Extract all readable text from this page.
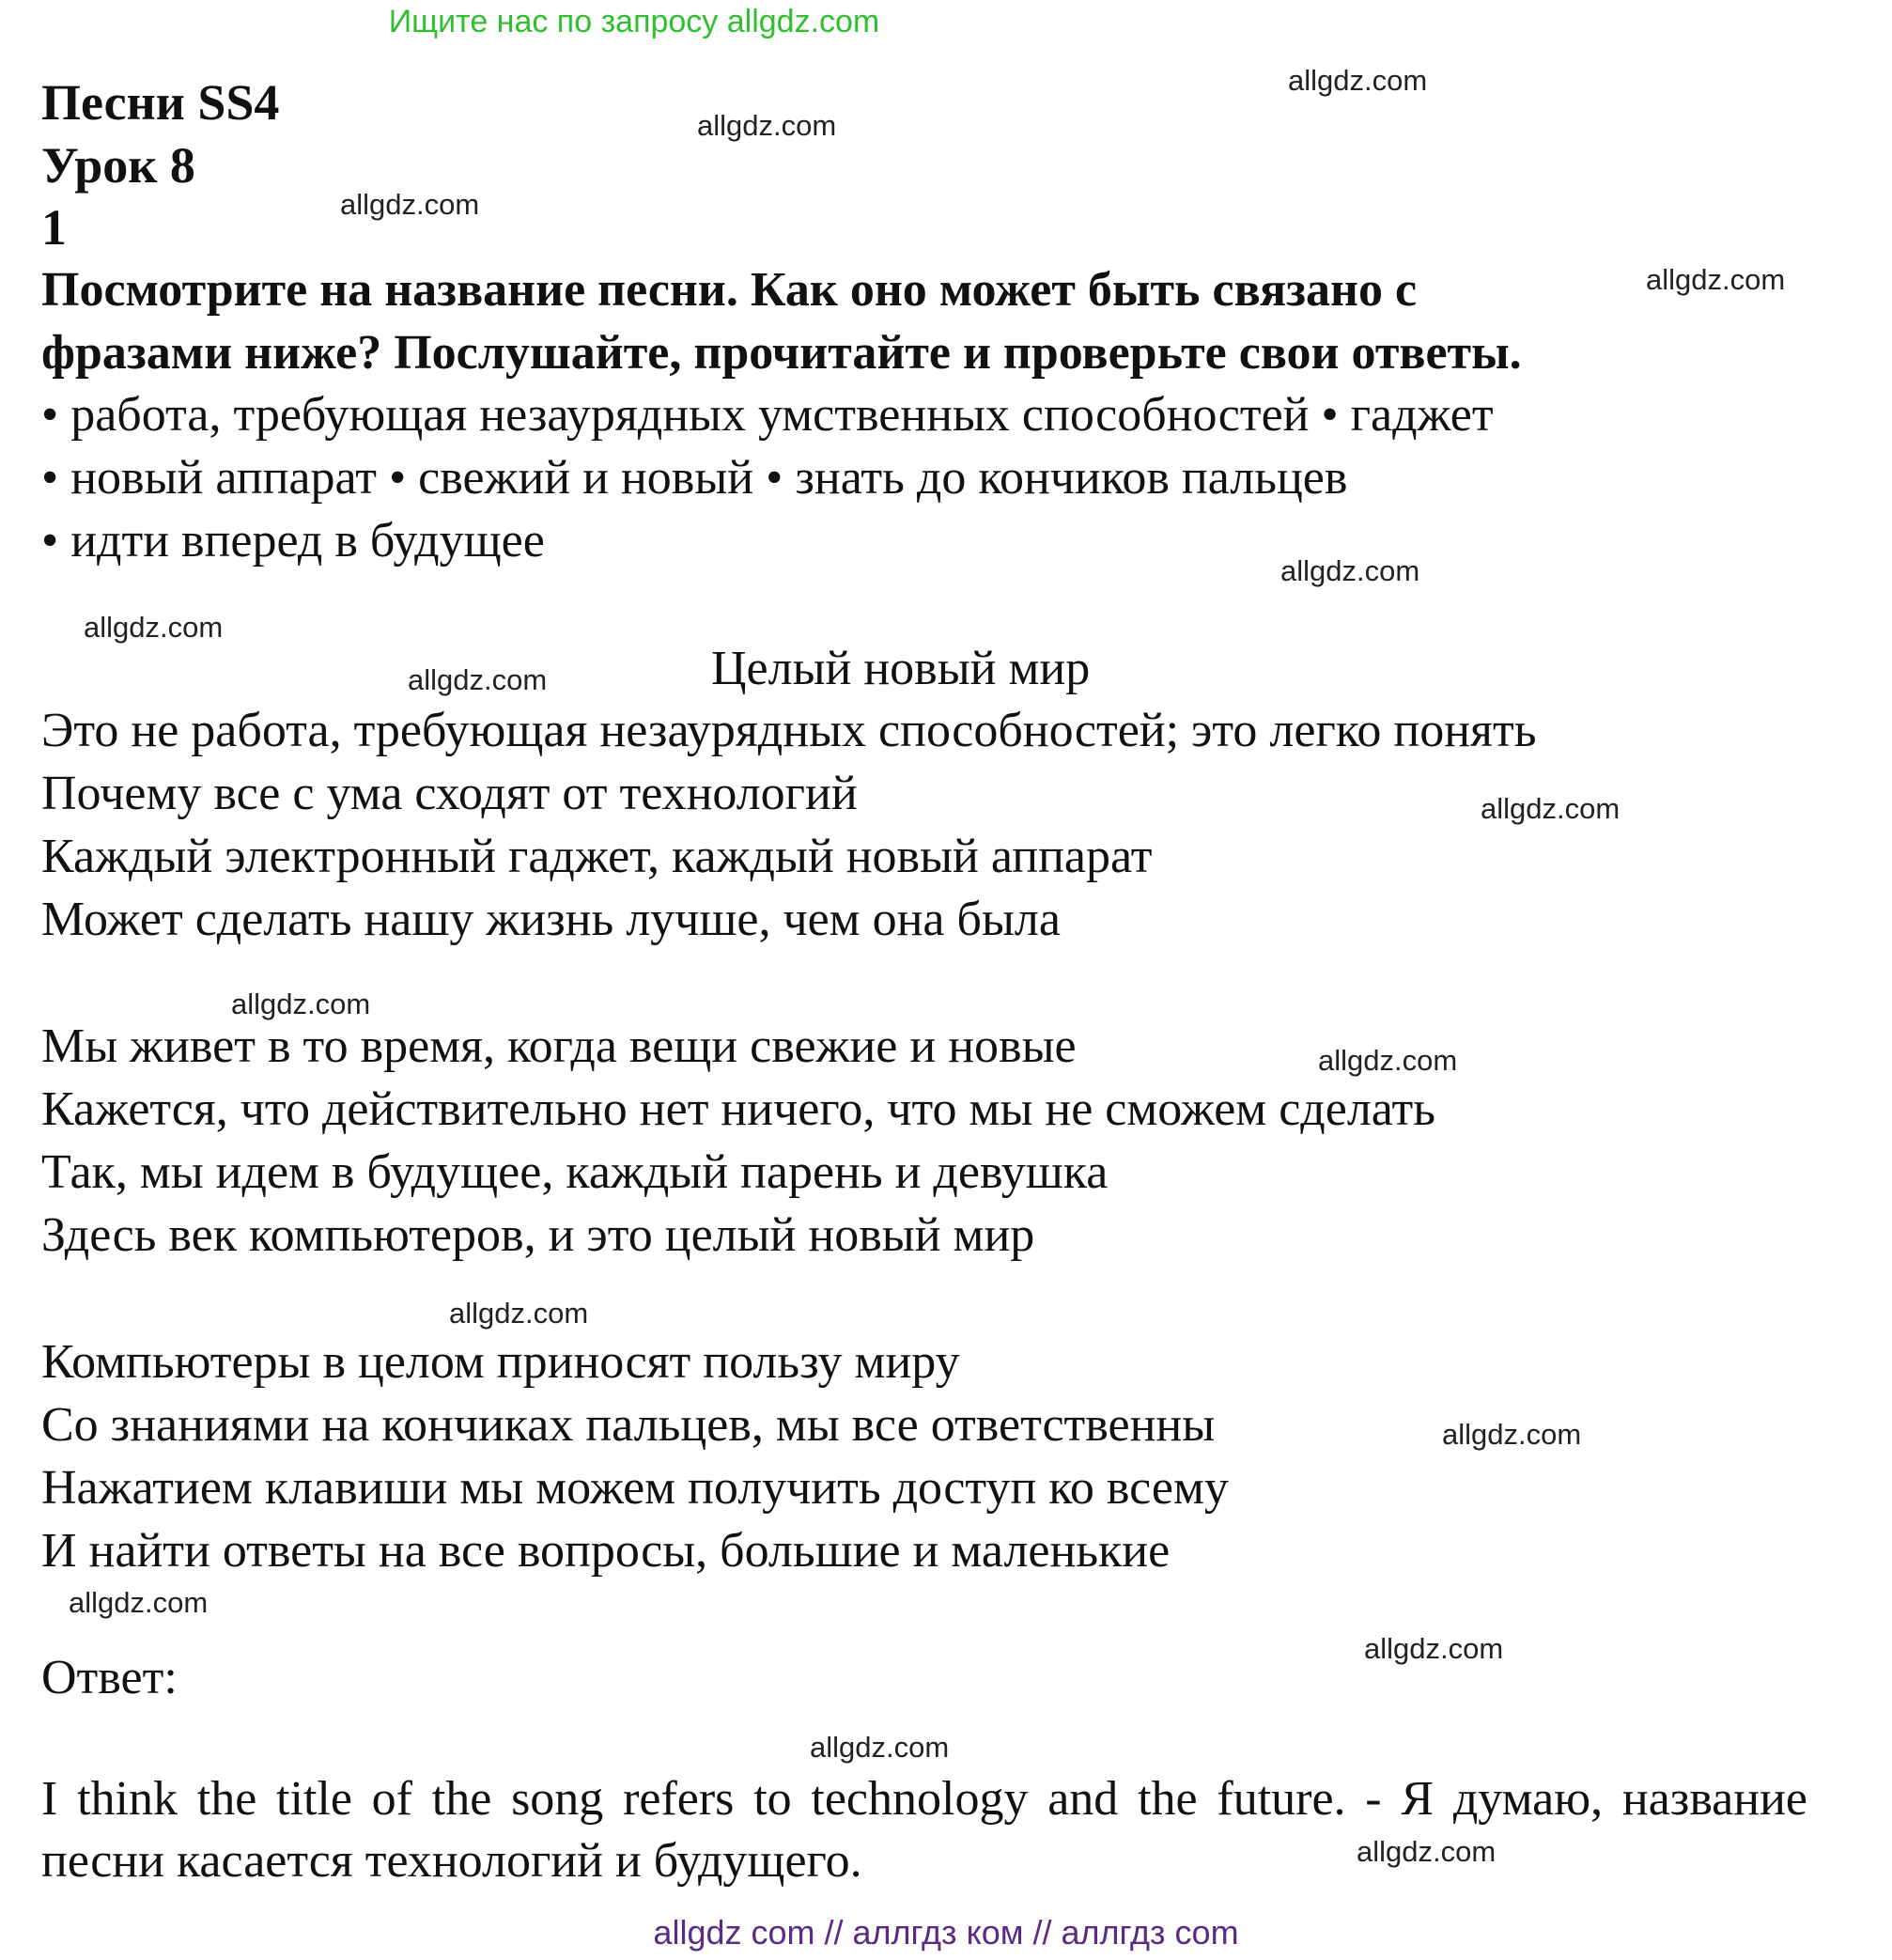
Ищите нас по запросу allgdz.com
Песни SS4
Урок 8
1
Посмотрите на название песни. Как оно может быть связано с
фразами ниже? Послушайте, прочитайте и проверьте свои ответы.
• работа, требующая незаурядных умственных способностей • гаджет
• новый аппарат • свежий и новый • знать до кончиков пальцев
• идти вперед в будущее
Целый новый мир
Это не работа, требующая незаурядных способностей; это легко понять
Почему все с ума сходят от технологий
Каждый электронный гаджет, каждый новый аппарат
Может сделать нашу жизнь лучше, чем она была
Мы живет в то время, когда вещи свежие и новые
Кажется, что действительно нет ничего, что мы не сможем сделать
Так, мы идем в будущее, каждый парень и девушка
Здесь век компьютеров, и это целый новый мир
Компьютеры в целом приносят пользу миру
Со знаниями на кончиках пальцев, мы все ответственны
Нажатием клавиши мы можем получить доступ ко всему
И найти ответы на все вопросы, большие и маленькие
Ответ:
I think the title of the song refers to technology and the future. - Я думаю, название песни касается технологий и будущего.
allgdz.com
allgdz.com
allgdz.com
allgdz.com
allgdz.com
allgdz.com
allgdz.com
allgdz.com
allgdz.com
allgdz.com
allgdz.com
allgdz.com
allgdz.com
allgdz.com
allgdz.com
allgdz.com
allgdz com // аллгдз ком // аллгдз com
